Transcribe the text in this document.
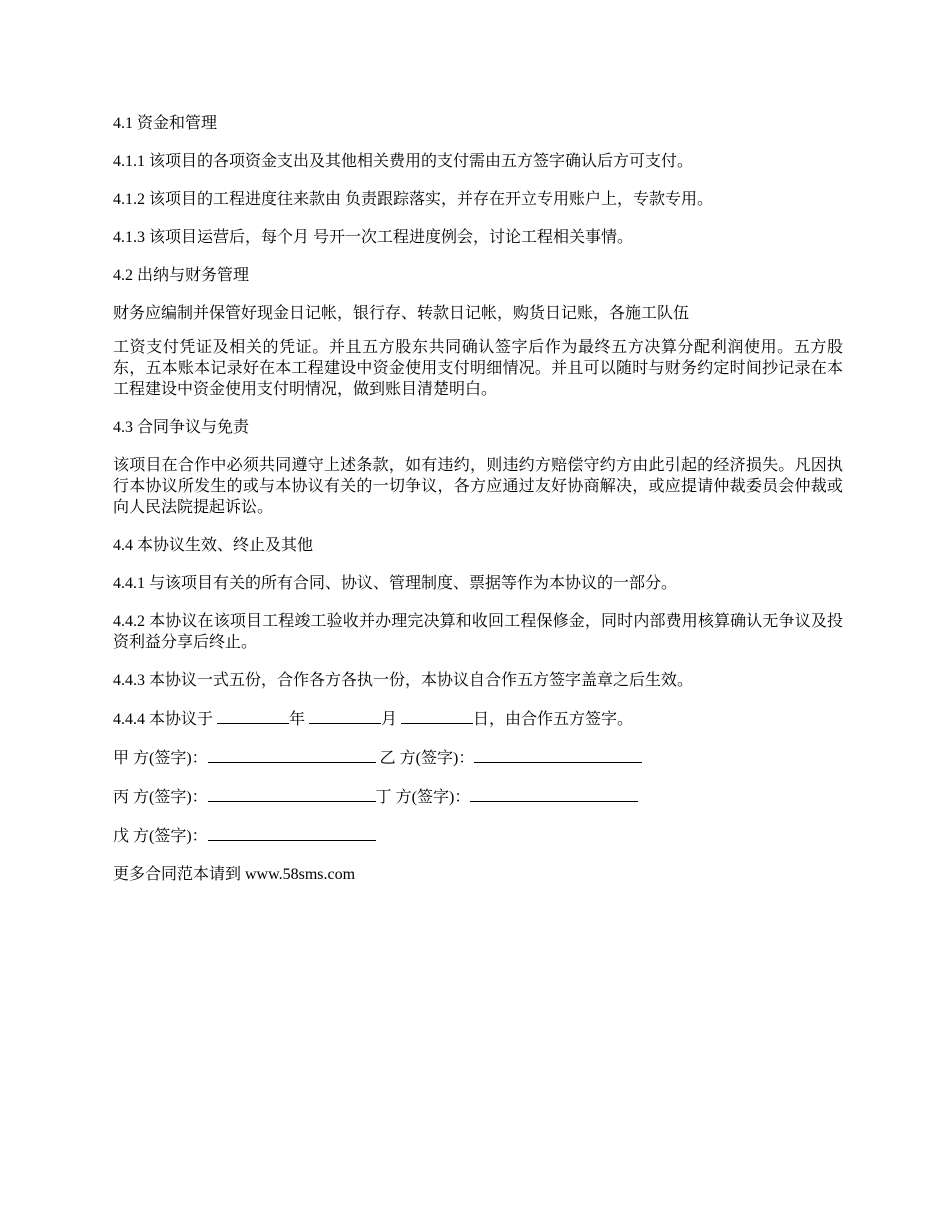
4.1 资金和管理

4.1.1 该项目的各项资金支出及其他相关费用的支付需由五方签字确认后方可支付。

4.1.2 该项目的工程进度往来款由 负责跟踪落实，并存在开立专用账户上，专款专用。

4.1.3 该项目运营后，每个月 号开一次工程进度例会，讨论工程相关事情。

4.2 出纳与财务管理

财务应编制并保管好现金日记帐，银行存、转款日记帐，购货日记账，各施工队伍

工资支付凭证及相关的凭证。并且五方股东共同确认签字后作为最终五方决算分配利润使用。五方股东，五本账本记录好在本工程建设中资金使用支付明细情况。并且可以随时与财务约定时间抄记录在本工程建设中资金使用支付明情况，做到账目清楚明白。

4.3 合同争议与免责

该项目在合作中必须共同遵守上述条款，如有违约，则违约方赔偿守约方由此引起的经济损失。凡因执行本协议所发生的或与本协议有关的一切争议，各方应通过友好协商解决，或应提请仲裁委员会仲裁或向人民法院提起诉讼。

4.4 本协议生效、终止及其他

4.4.1 与该项目有关的所有合同、协议、管理制度、票据等作为本协议的一部分。

4.4.2 本协议在该项目工程竣工验收并办理完决算和收回工程保修金，同时内部费用核算确认无争议及投资利益分享后终止。

4.4.3 本协议一式五份，合作各方各执一份，本协议自合作五方签字盖章之后生效。

4.4.4 本协议于	年	月	日，由合作五方签字。

甲 方(签字)：	乙 方(签字)：

丙 方(签字)：	丁 方(签字)：

戊 方(签字)：

更多合同范本请到 www.58sms.com
